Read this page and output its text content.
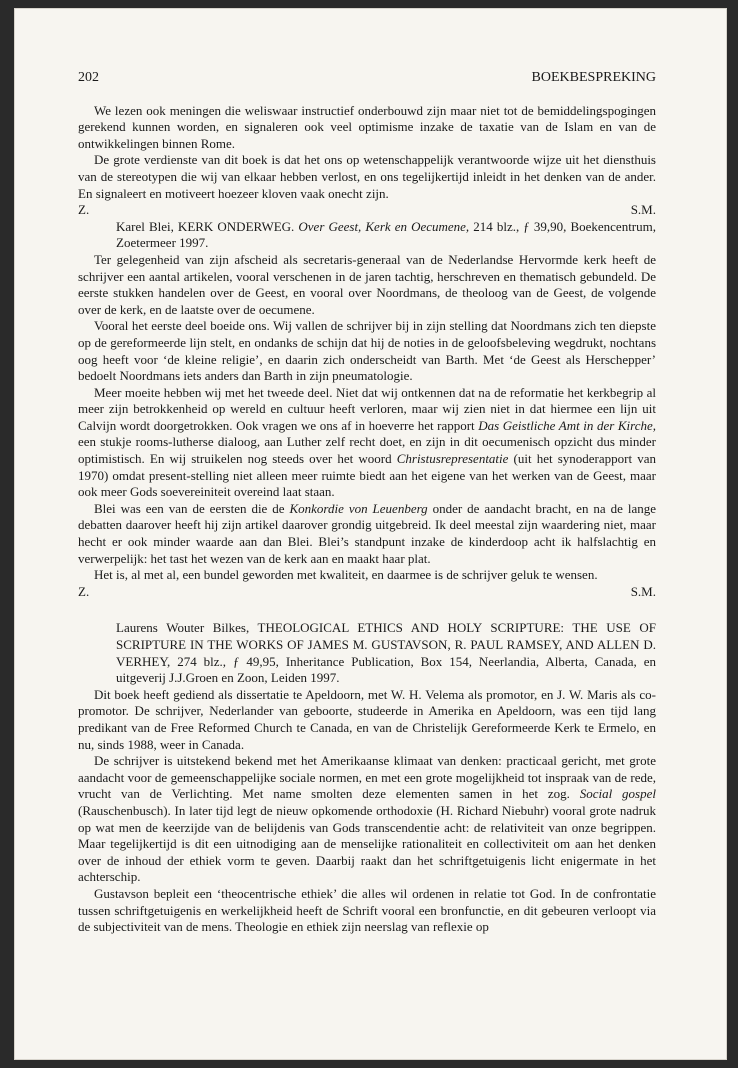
202	BOEKBESPREKING

We lezen ook meningen die weliswaar instructief onderbouwd zijn maar niet tot de bemiddelingspogingen gerekend kunnen worden, en signaleren ook veel optimisme inzake de taxatie van de Islam en van de ontwikkelingen binnen Rome.

De grote verdienste van dit boek is dat het ons op wetenschappelijk verantwoorde wijze uit het diensthuis van de stereotypen die wij van elkaar hebben verlost, en ons tegelijkertijd inleidt in het denken van de ander. En signaleert en motiveert hoezeer kloven vaak onecht zijn.

Z.	S.M.

Karel Blei, KERK ONDERWEG. Over Geest, Kerk en Oecumene, 214 blz., ƒ 39,90, Boekencentrum, Zoetermeer 1997.

Ter gelegenheid van zijn afscheid als secretaris-generaal van de Nederlandse Hervormde kerk heeft de schrijver een aantal artikelen, vooral verschenen in de jaren tachtig, herschreven en thematisch gebundeld. De eerste stukken handelen over de Geest, en vooral over Noordmans, de theoloog van de Geest, de volgende over de kerk, en de laatste over de oecumene.

Vooral het eerste deel boeide ons. Wij vallen de schrijver bij in zijn stelling dat Noordmans zich ten diepste op de gereformeerde lijn stelt, en ondanks de schijn dat hij de noties in de geloofsbeleving wegdrukt, nochtans oog heeft voor ‘de kleine religie’, en daarin zich onderscheidt van Barth. Met ‘de Geest als Herschepper’ bedoelt Noordmans iets anders dan Barth in zijn pneumatologie.

Meer moeite hebben wij met het tweede deel. Niet dat wij ontkennen dat na de reformatie het kerkbegrip al meer zijn betrokkenheid op wereld en cultuur heeft verloren, maar wij zien niet in dat hiermee een lijn uit Calvijn wordt doorgetrokken. Ook vragen we ons af in hoeverre het rapport Das Geistliche Amt in der Kirche, een stukje rooms-lutherse dialoog, aan Luther zelf recht doet, en zijn in dit oecumenisch opzicht dus minder optimistisch. En wij struikelen nog steeds over het woord Christusrepresentatie (uit het synoderapport van 1970) omdat present-stelling niet alleen meer ruimte biedt aan het eigene van het werken van de Geest, maar ook meer Gods soevereiniteit overeind laat staan.

Blei was een van de eersten die de Konkordie von Leuenberg onder de aandacht bracht, en na de lange debatten daarover heeft hij zijn artikel daarover grondig uitgebreid. Ik deel meestal zijn waardering niet, maar hecht er ook minder waarde aan dan Blei. Blei’s standpunt inzake de kinderdoop acht ik halfslachtig en verwerpelijk: het tast het wezen van de kerk aan en maakt haar plat.

Het is, al met al, een bundel geworden met kwaliteit, en daarmee is de schrijver geluk te wensen.

Z.	S.M.

Laurens Wouter Bilkes, THEOLOGICAL ETHICS AND HOLY SCRIPTURE: THE USE OF SCRIPTURE IN THE WORKS OF JAMES M. GUSTAVSON, R. PAUL RAMSEY, AND ALLEN D. VERHEY, 274 blz., ƒ 49,95, Inheritance Publication, Box 154, Neerlandia, Alberta, Canada, en uitgeverij J.J.Groen en Zoon, Leiden 1997.

Dit boek heeft gediend als dissertatie te Apeldoorn, met W. H. Velema als promotor, en J. W. Maris als co-promotor. De schrijver, Nederlander van geboorte, studeerde in Amerika en Apeldoorn, was een tijd lang predikant van de Free Reformed Church te Canada, en van de Christelijk Gereformeerde Kerk te Ermelo, en nu, sinds 1988, weer in Canada.

De schrijver is uitstekend bekend met het Amerikaanse klimaat van denken: practicaal gericht, met grote aandacht voor de gemeenschappelijke sociale normen, en met een grote mogelijkheid tot inspraak van de rede, vrucht van de Verlichting. Met name smolten deze elementen samen in het zog. Social gospel (Rauschenbusch). In later tijd legt de nieuw opkomende orthodoxie (H. Richard Niebuhr) vooral grote nadruk op wat men de keerzijde van de belijdenis van Gods transcendentie acht: de relativiteit van onze begrippen. Maar tegelijkertijd is dit een uitnodiging aan de menselijke rationaliteit en collectiviteit om aan het denken over de inhoud der ethiek vorm te geven. Daarbij raakt dan het schriftgetuigenis licht enigermate in het achterschip.

Gustavson bepleit een ‘theocentrische ethiek’ die alles wil ordenen in relatie tot God. In de confrontatie tussen schriftgetuigenis en werkelijkheid heeft de Schrift vooral een bronfunctie, en dit gebeuren verloopt via de subjectiviteit van de mens. Theologie en ethiek zijn neerslag van reflexie op
